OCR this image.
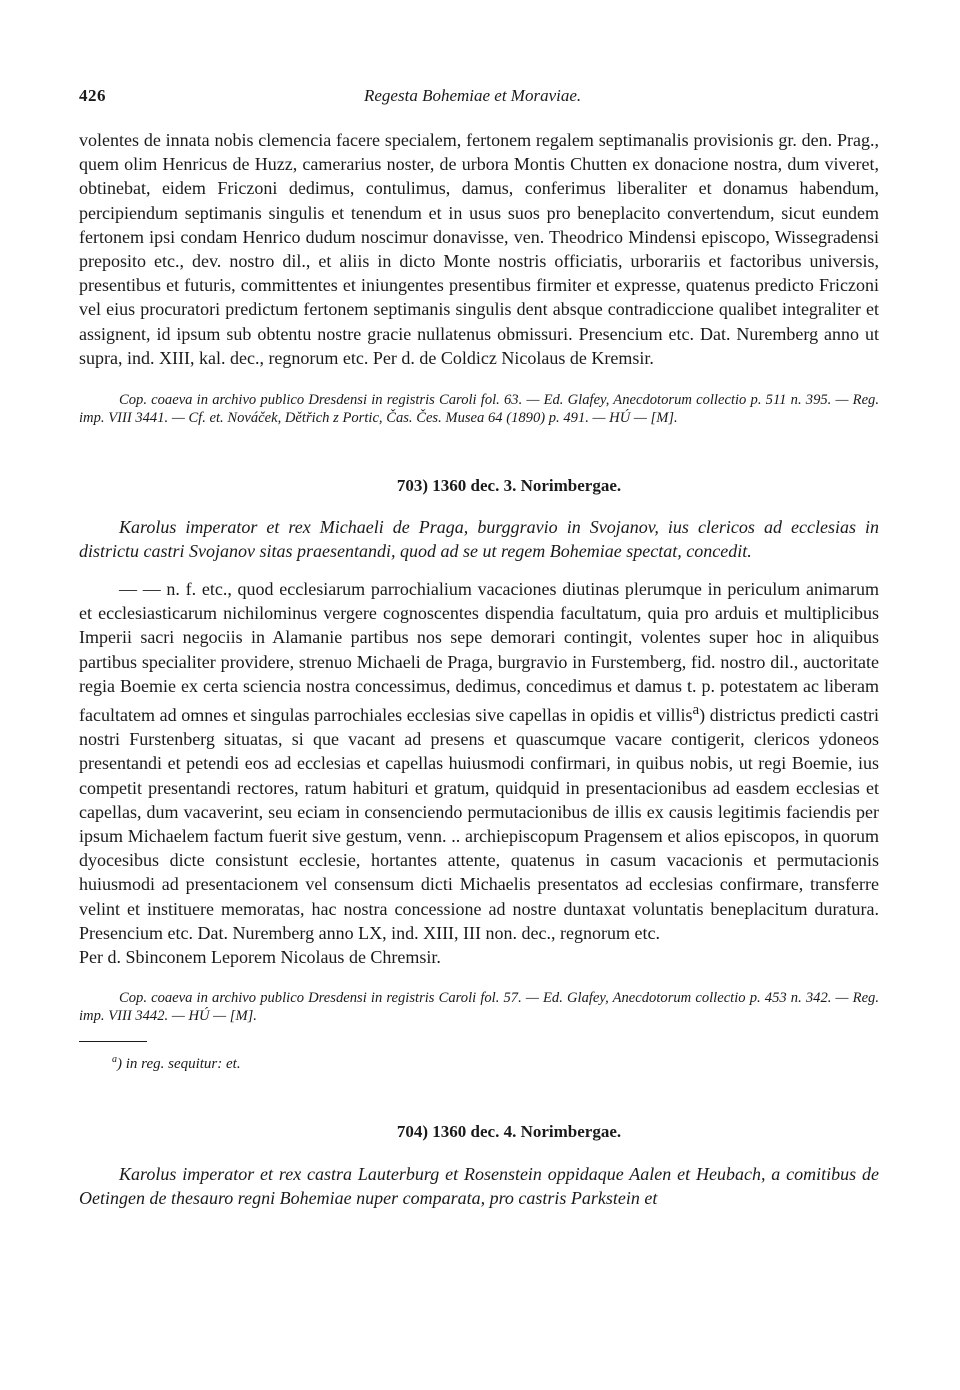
426	Regesta Bohemiae et Moraviae.

volentes de innata nobis clemencia facere specialem, fertonem regalem septimanalis provisionis gr. den. Prag., quem olim Henricus de Huzz, camerarius noster, de urbora Montis Chutten ex donacione nostra, dum viveret, obtinebat, eidem Friczoni dedimus, contulimus, damus, conferimus liberaliter et donamus habendum, percipiendum septimanis singulis et tenendum et in usus suos pro beneplacito convertendum, sicut eundem fertonem ipsi condam Henrico dudum noscimur donavisse, ven. Theodrico Mindensi episcopo, Wissegradensi preposito etc., dev. nostro dil., et aliis in dicto Monte nostris officiatis, urborariis et factoribus universis, presentibus et futuris, committentes et iniungentes presentibus firmiter et expresse, quatenus predicto Friczoni vel eius procuratori predictum fertonem septimanis singulis dent absque contradiccione qualibet integraliter et assignent, id ipsum sub obtentu nostre gracie nullatenus obmissuri. Presencium etc. Dat. Nuremberg anno ut supra, ind. XIII, kal. dec., regnorum etc. Per d. de Coldicz Nicolaus de Kremsir.

Cop. coaeva in archivo publico Dresdensi in registris Caroli fol. 63. — Ed. Glafey, Anecdotorum collectio p. 511 n. 395. — Reg. imp. VIII 3441. — Cf. et. Nováček, Dětřich z Portic, Čas. Čes. Musea 64 (1890) p. 491. — HÚ — [M].

703) 1360 dec. 3. Norimbergae.

Karolus imperator et rex Michaeli de Praga, burggravio in Svojanov, ius clericos ad ecclesias in districtu castri Svojanov sitas praesentandi, quod ad se ut regem Bohemiae spectat, concedit.

— — n. f. etc., quod ecclesiarum parrochialium vacaciones diutinas plerumque in periculum animarum et ecclesiasticarum nichilominus vergere cognoscentes dispendia facultatum, quia pro arduis et multiplicibus Imperii sacri negociis in Alamanie partibus nos sepe demorari contingit, volentes super hoc in aliquibus partibus specialiter providere, strenuo Michaeli de Praga, burgravio in Furstemberg, fid. nostro dil., auctoritate regia Boemie ex certa sciencia nostra concessimus, dedimus, concedimus et damus t. p. potestatem ac liberam facultatem ad omnes et singulas parrochiales ecclesias sive capellas in opidis et villis$^a$) districtus predicti castri nostri Furstenberg situatas, si que vacant ad presens et quascumque vacare contigerit, clericos ydoneos presentandi et petendi eos ad ecclesias et capellas huiusmodi confirmari, in quibus nobis, ut regi Boemie, ius competit presentandi rectores, ratum habituri et gratum, quidquid in presentacionibus ad easdem ecclesias et capellas, dum vacaverint, seu eciam in consenciendo permutacionibus de illis ex causis legitimis faciendis per ipsum Michaelem factum fuerit sive gestum, venn. .. archiepiscopum Pragensem et alios episcopos, in quorum dyocesibus dicte consistunt ecclesie, hortantes attente, quatenus in casum vacacionis et permutacionis huiusmodi ad presentacionem vel consensum dicti Michaelis presentatos ad ecclesias confirmare, transferre velint et instituere memoratas, hac nostra concessione ad nostre duntaxat voluntatis beneplacitum duratura. Presencium etc. Dat. Nuremberg anno LX, ind. XIII, III non. dec., regnorum etc.

Per d. Sbinconem Leporem Nicolaus de Chremsir.

Cop. coaeva in archivo publico Dresdensi in registris Caroli fol. 57. — Ed. Glafey, Anecdotorum collectio p. 453 n. 342. — Reg. imp. VIII 3442. — HÚ — [M].

$^a$) in reg. sequitur: et.

704) 1360 dec. 4. Norimbergae.

Karolus imperator et rex castra Lauterburg et Rosenstein oppidaque Aalen et Heubach, a comitibus de Oetingen de thesauro regni Bohemiae nuper comparata, pro castris Parkstein et
